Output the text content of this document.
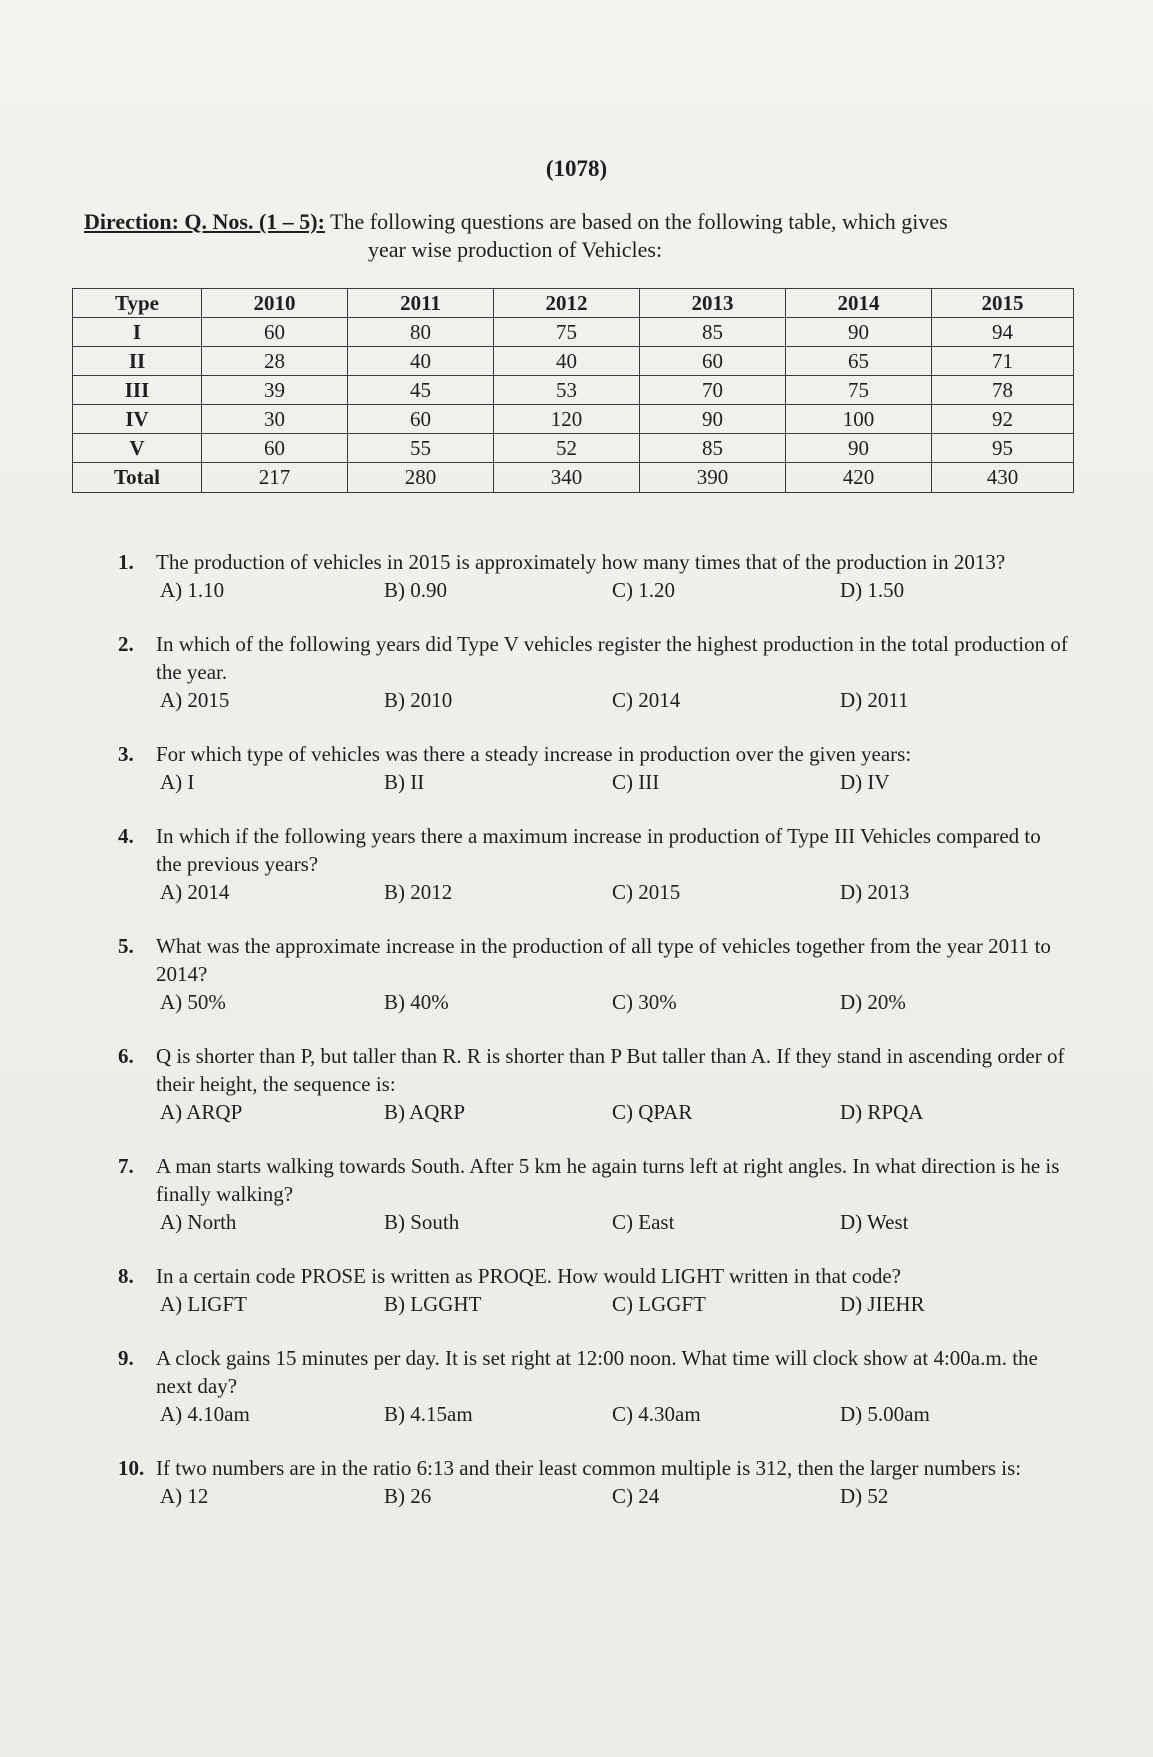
(1078)
Direction: Q. Nos. (1 – 5): The following questions are based on the following table, which gives
year wise production of Vehicles:
Type	2010	2011	2012	2013	2014	2015
I	60	80	75	85	90	94
II	28	40	40	60	65	71
III	39	45	53	70	75	78
IV	30	60	120	90	100	92
V	60	55	52	85	90	95
Total	217	280	340	390	420	430
1. The production of vehicles in 2015 is approximately how many times that of the production in 2013?
A) 1.10	B) 0.90	C) 1.20	D) 1.50
2. In which of the following years did Type V vehicles register the highest production in the total production of the year.
A) 2015	B) 2010	C) 2014	D) 2011
3. For which type of vehicles was there a steady increase in production over the given years:
A) I	B) II	C) III	D) IV
4. In which if the following years there a maximum increase in production of Type III Vehicles compared to the previous years?
A) 2014	B) 2012	C) 2015	D) 2013
5. What was the approximate increase in the production of all type of vehicles together from the year 2011 to 2014?
A) 50%	B) 40%	C) 30%	D) 20%
6. Q is shorter than P, but taller than R. R is shorter than P But taller than A. If they stand in ascending order of their height, the sequence is:
A) ARQP	B) AQRP	C) QPAR	D) RPQA
7. A man starts walking towards South. After 5 km he again turns left at right angles. In what direction is he is finally walking?
A) North	B) South	C) East	D) West
8. In a certain code PROSE is written as PROQE. How would LIGHT written in that code?
A) LIGFT	B) LGGHT	C) LGGFT	D) JIEHR
9. A clock gains 15 minutes per day. It is set right at 12:00 noon. What time will clock show at 4:00a.m. the next day?
A) 4.10am	B) 4.15am	C) 4.30am	D) 5.00am
10. If two numbers are in the ratio 6:13 and their least common multiple is 312, then the larger numbers is:
A) 12	B) 26	C) 24	D) 52
